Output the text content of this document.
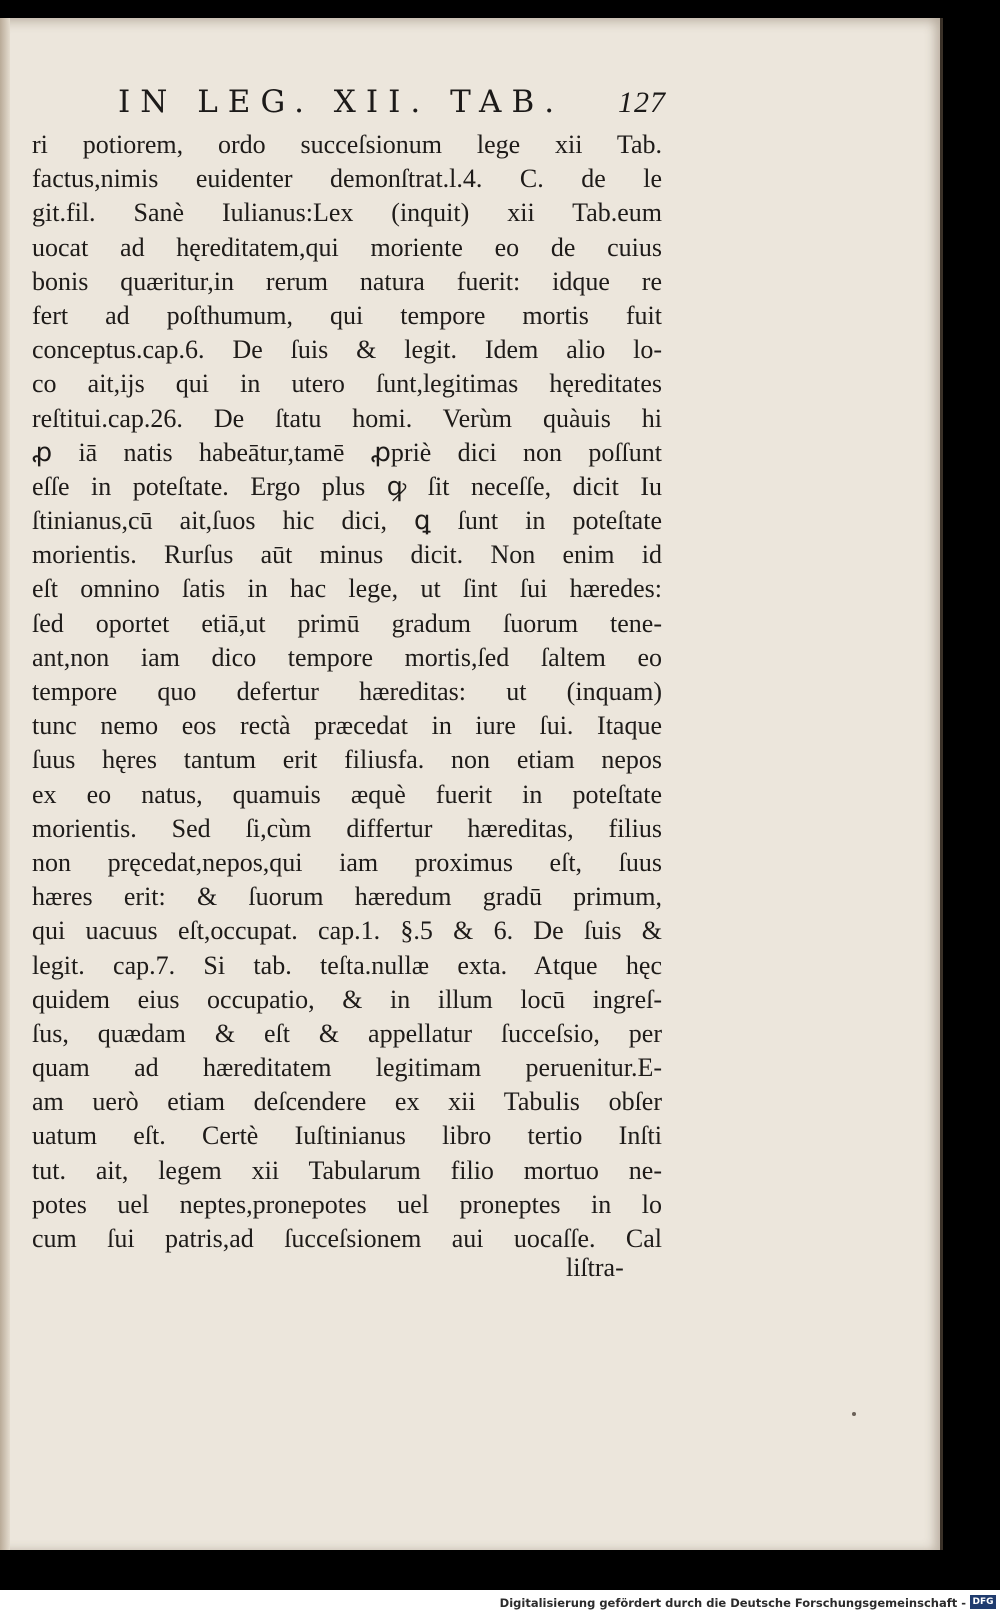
IN LEG. XII. TAB. 127
ri potiorem, ordo succeſsionum lege xii Tab.
factus,nimis euidenter demonſtrat.l.4. C. de le
git.fil. Sanè Iulianus:Lex (inquit) xii Tab.eum
uocat ad hęreditatem,qui moriente eo de cuius
bonis quæritur,in rerum natura fuerit: idque re
fert ad poſthumum, qui tempore mortis fuit
conceptus.cap.6. De ſuis & legit. Idem alio lo-
co ait,ijs qui in utero ſunt,legitimas hęreditates
reſtitui.cap.26. De ſtatu homi. Verùm quàuis hi
ꝓ iā natis habeātur,tamē ꝓpriè dici non poſſunt
eſſe in poteſtate. Ergo plus ꝙ ſit neceſſe, dicit Iu
ſtinianus,cū ait,ſuos hic dici, ꝗ ſunt in poteſtate
morientis. Rurſus aūt minus dicit. Non enim id
eſt omnino ſatis in hac lege, ut ſint ſui hæredes:
ſed oportet etiā,ut primū gradum ſuorum tene-
ant,non iam dico tempore mortis,ſed ſaltem eo
tempore quo defertur hæreditas: ut (inquam)
tunc nemo eos rectà præcedat in iure ſui. Itaque
ſuus hęres tantum erit filiusfa. non etiam nepos
ex eo natus, quamuis æquè fuerit in poteſtate
morientis. Sed ſi,cùm differtur hæreditas, filius
non pręcedat,nepos,qui iam proximus eſt, ſuus
hæres erit: & ſuorum hæredum gradū primum,
qui uacuus eſt,occupat. cap.1. §.5 & 6. De ſuis &
legit. cap.7. Si tab. teſta.nullæ exta. Atque hęc
quidem eius occupatio, & in illum locū ingreſ-
ſus, quædam & eſt & appellatur ſucceſsio, per
quam ad hæreditatem legitimam peruenitur.E-
am uerò etiam deſcendere ex xii Tabulis obſer
uatum eſt. Certè Iuſtinianus libro tertio Inſti
tut. ait, legem xii Tabularum filio mortuo ne-
potes uel neptes,pronepotes uel proneptes in lo
cum ſui patris,ad ſucceſsionem aui uocaſſe. Cal
liſtra-
Digitalisierung gefördert durch die Deutsche Forschungsgemeinschaft - DFG
